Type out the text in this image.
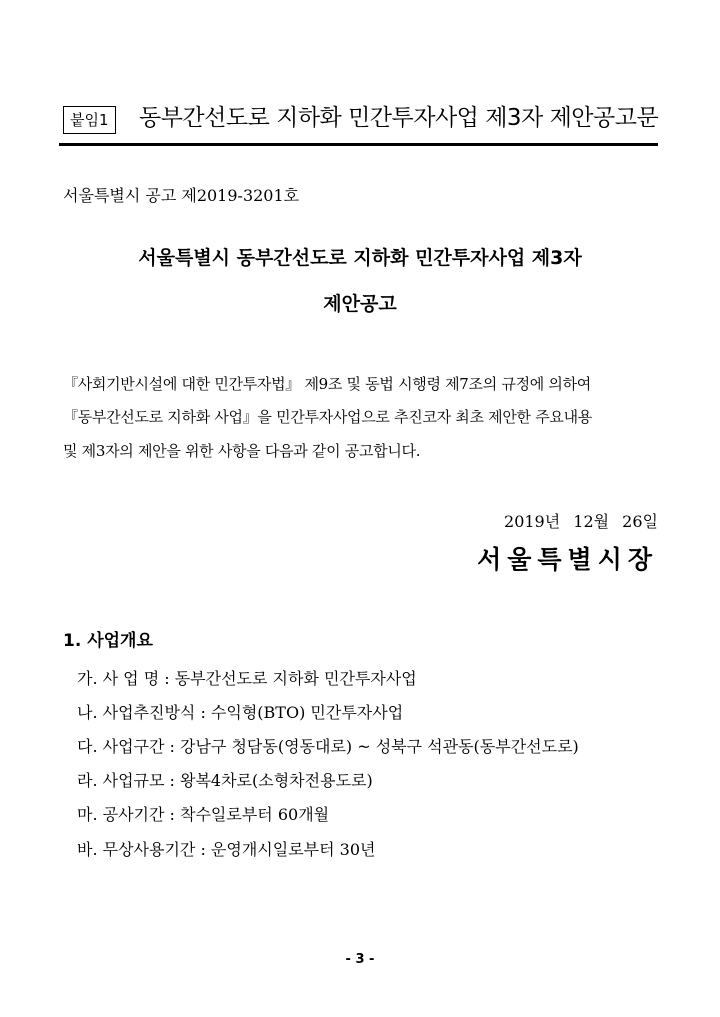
붙임1	동부간선도로 지하화 민간투자사업 제3자 제안공고문
서울특별시 공고 제2019-3201호
서울특별시 동부간선도로 지하화 민간투자사업 제3자
제안공고
『사회기반시설에 대한 민간투자법』 제9조 및 동법 시행령 제7조의 규정에 의하여
『동부간선도로 지하화 사업』을 민간투자사업으로 추진코자 최초 제안한 주요내용
및 제3자의 제안을 위한 사항을 다음과 같이 공고합니다.
2019년 12월 26일
서울특별시장
1. 사업개요
가. 사 업 명 : 동부간선도로 지하화 민간투자사업
나. 사업추진방식 : 수익형(BTO) 민간투자사업
다. 사업구간 : 강남구 청담동(영동대로) ~ 성북구 석관동(동부간선도로)
라. 사업규모 : 왕복4차로(소형차전용도로)
마. 공사기간 : 착수일로부터 60개월
바. 무상사용기간 : 운영개시일로부터 30년
- 3 -
